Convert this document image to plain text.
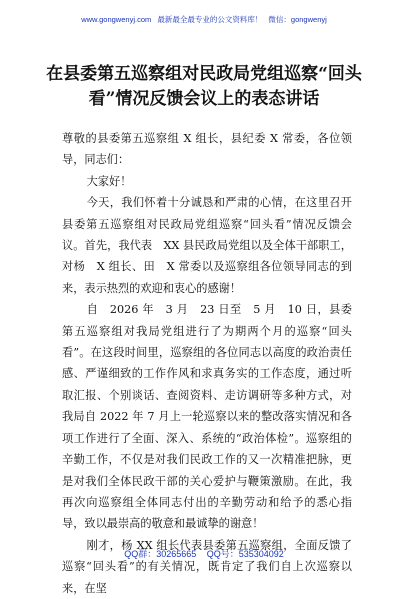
www.gongwenyj.com 最新最全最专业的公文资料库！ 微信：gongwenyj
在县委第五巡察组对民政局党组巡察“回头看”情况反馈会议上的表态讲话

尊敬的县委第五巡察组 X 组长，县纪委 X 常委，各位领导，同志们：

大家好！

今天，我们怀着十分诚恳和严肃的心情，在这里召开县委第五巡察组对民政局党组巡察“回头看”情况反馈会议。首先，我代表　XX 县民政局党组以及全体干部职工，对杨　X 组长、田　X 常委以及巡察组各位领导同志的到来，表示热烈的欢迎和衷心的感谢！

自　2026 年　3 月　23 日至　5 月　10 日，县委第五巡察组对我局党组进行了为期两个月的巡察“回头看”。在这段时间里，巡察组的各位同志以高度的政治责任感、严谨细致的工作作风和求真务实的工作态度，通过听取汇报、个别谈话、查阅资料、走访调研等多种方式，对我局自 2022 年 7 月上一轮巡察以来的整改落实情况和各项工作进行了全面、深入、系统的“政治体检”。巡察组的辛勤工作，不仅是对我们民政工作的又一次精准把脉，更是对我们全体民政干部的关心爱护与鞭策激励。在此，我再次向巡察组全体同志付出的辛勤劳动和给予的悉心指导，致以最崇高的敬意和最诚挚的谢意！

刚才，杨 XX 组长代表县委第五巡察组，全面反馈了巡察“回头看”的有关情况，既肯定了我们自上次巡察以来，在坚

QQ群：30265665 QQ号：535304092
